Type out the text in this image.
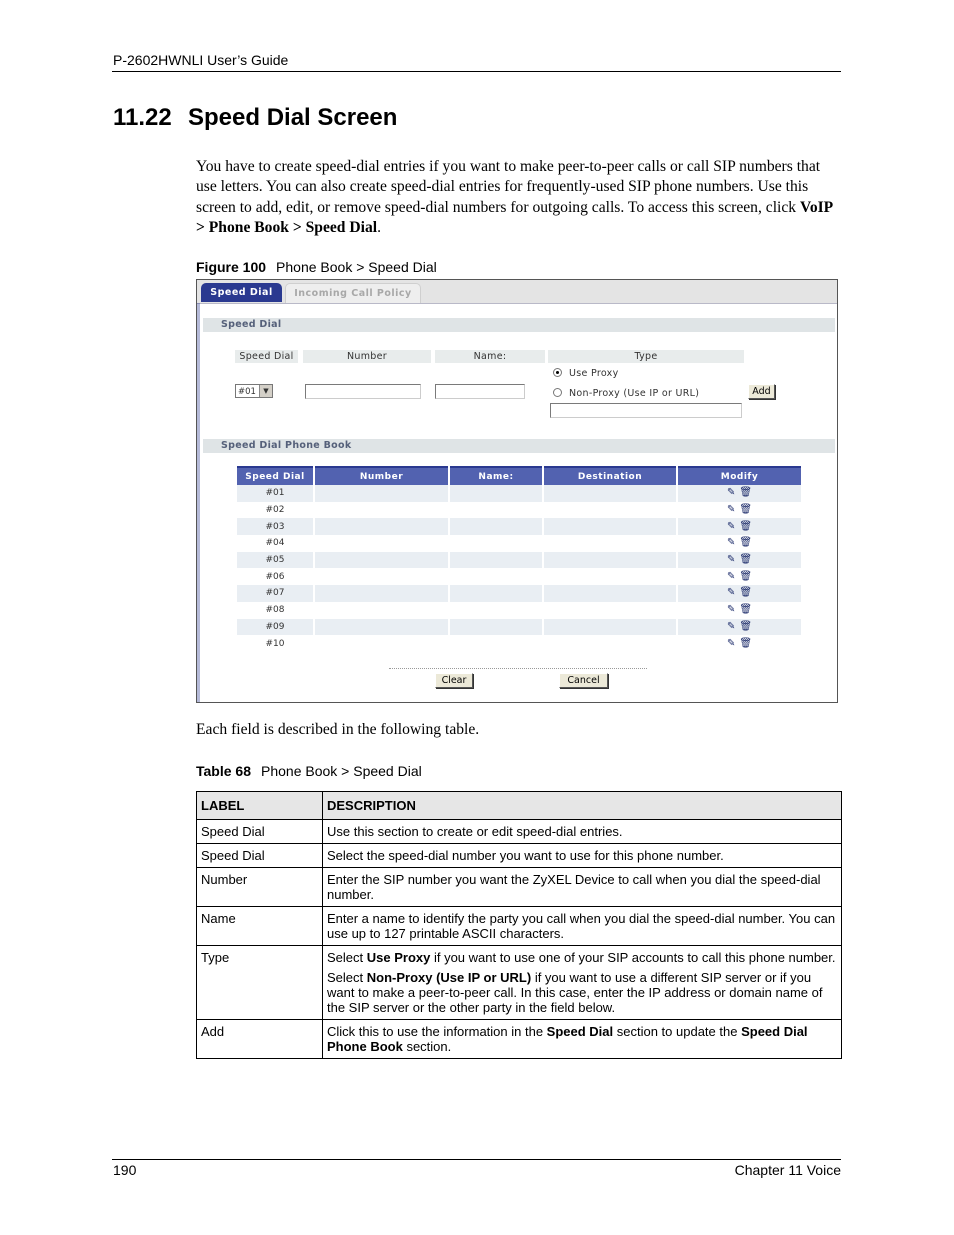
P-2602HWNLI User’s Guide
11.22 Speed Dial Screen

You have to create speed-dial entries if you want to make peer-to-peer calls or call SIP numbers that use letters. You can also create speed-dial entries for frequently-used SIP phone numbers. Use this screen to add, edit, or remove speed-dial numbers for outgoing calls. To access this screen, click VoIP > Phone Book > Speed Dial.

Figure 100 Phone Book > Speed Dial
Speed Dial	Incoming Call Policy
Speed Dial
Speed Dial	Number	Name:	Type
#01	▼
Use Proxy
Non-Proxy (Use IP or URL)	Add
Speed Dial Phone Book
Speed Dial	Number	Name:	Destination	Modify
#01				✎ 🗑
#02				✎ 🗑
#03				✎ 🗑
#04				✎ 🗑
#05				✎ 🗑
#06				✎ 🗑
#07				✎ 🗑
#08				✎ 🗑
#09				✎ 🗑
#10				✎ 🗑
Clear	Cancel

Each field is described in the following table.

Table 68 Phone Book > Speed Dial
LABEL	DESCRIPTION
Speed Dial	Use this section to create or edit speed-dial entries.
Speed Dial	Select the speed-dial number you want to use for this phone number.
Number	Enter the SIP number you want the ZyXEL Device to call when you dial the speed-dial number.
Name	Enter a name to identify the party you call when you dial the speed-dial number. You can use up to 127 printable ASCII characters.
Type	Select Use Proxy if you want to use one of your SIP accounts to call this phone number.

Select Non-Proxy (Use IP or URL) if you want to use a different SIP server or if you want to make a peer-to-peer call. In this case, enter the IP address or domain name of the SIP server or the other party in the field below.

Add	Click this to use the information in the Speed Dial section to update the Speed Dial Phone Book section.
190	Chapter 11 Voice
